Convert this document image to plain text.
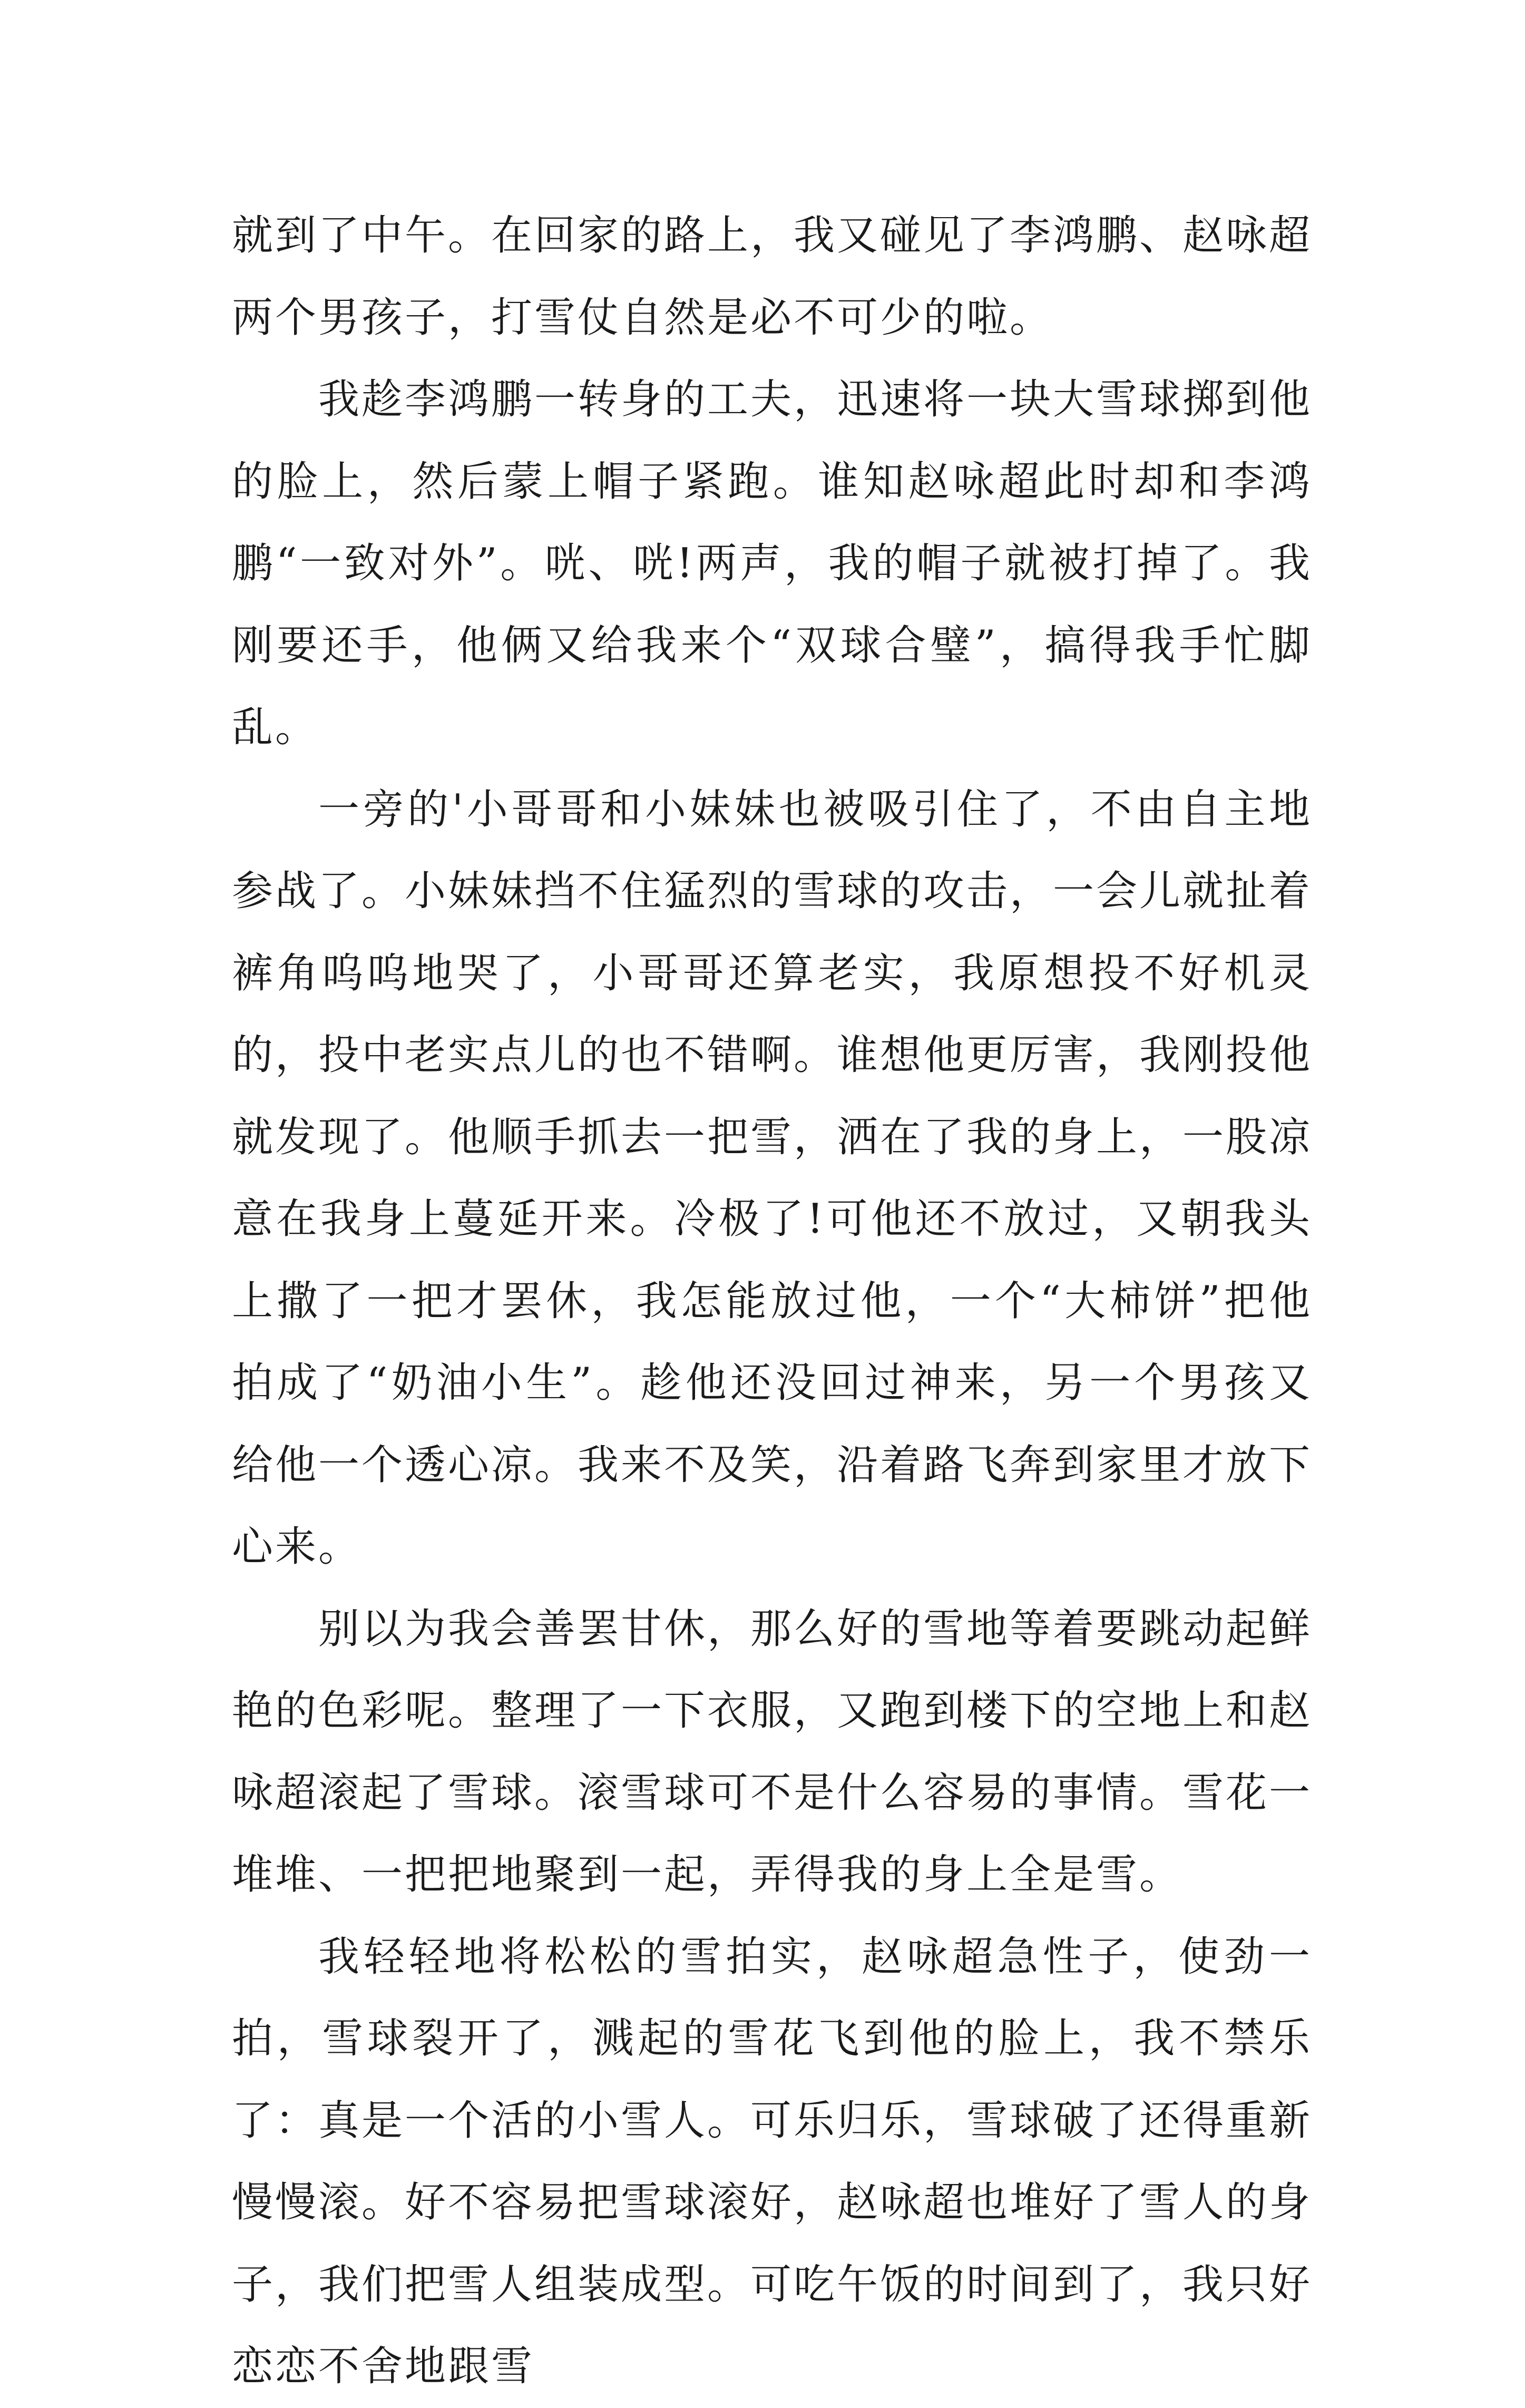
就到了中午。在回家的路上，我又碰见了李鸿鹏、赵咏超两个男孩子，打雪仗自然是必不可少的啦。

我趁李鸿鹏一转身的工夫，迅速将一块大雪球掷到他的脸上，然后蒙上帽子紧跑。谁知赵咏超此时却和李鸿鹏“一致对外”。咣、咣!两声，我的帽子就被打掉了。我刚要还手，他俩又给我来个“双球合璧”，搞得我手忙脚乱。

一旁的'小哥哥和小妹妹也被吸引住了，不由自主地参战了。小妹妹挡不住猛烈的雪球的攻击，一会儿就扯着裤角呜呜地哭了，小哥哥还算老实，我原想投不好机灵的，投中老实点儿的也不错啊。谁想他更厉害，我刚投他就发现了。他顺手抓去一把雪，洒在了我的身上，一股凉意在我身上蔓延开来。冷极了!可他还不放过，又朝我头上撒了一把才罢休，我怎能放过他，一个“大柿饼”把他拍成了“奶油小生”。趁他还没回过神来，另一个男孩又给他一个透心凉。我来不及笑，沿着路飞奔到家里才放下心来。

别以为我会善罢甘休，那么好的雪地等着要跳动起鲜艳的色彩呢。整理了一下衣服，又跑到楼下的空地上和赵咏超滚起了雪球。滚雪球可不是什么容易的事情。雪花一堆堆、一把把地聚到一起，弄得我的身上全是雪。

我轻轻地将松松的雪拍实，赵咏超急性子，使劲一拍，雪球裂开了，溅起的雪花飞到他的脸上，我不禁乐了：真是一个活的小雪人。可乐归乐，雪球破了还得重新慢慢滚。好不容易把雪球滚好，赵咏超也堆好了雪人的身子，我们把雪人组装成型。可吃午饭的时间到了，我只好恋恋不舍地跟雪
